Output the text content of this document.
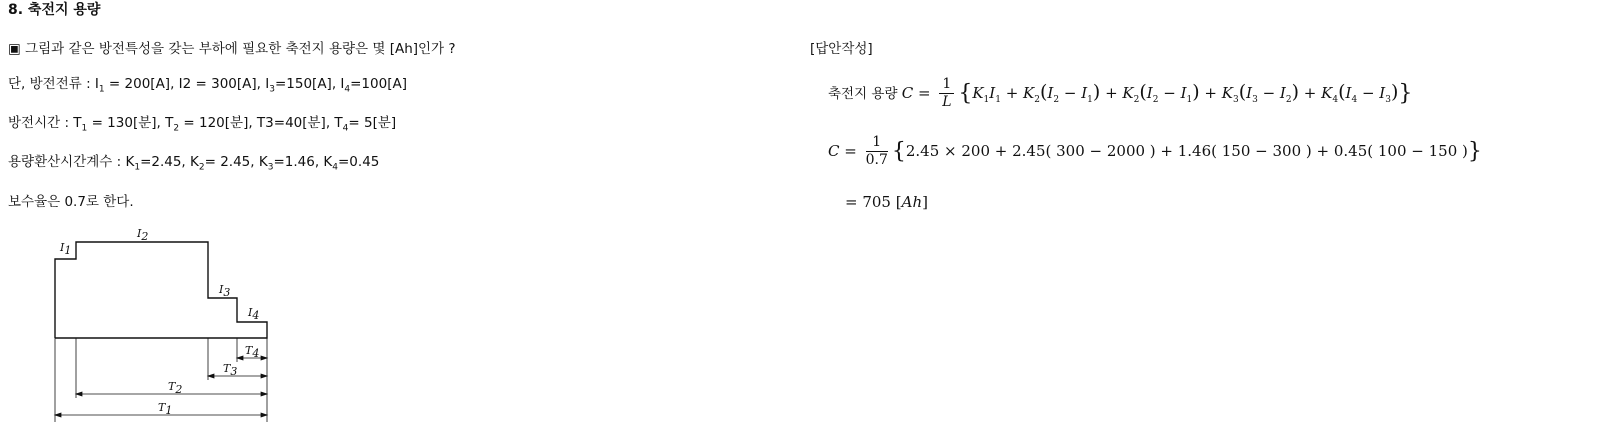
8. 축전지 용량
▣ 그림과 같은 방전특성을 갖는 부하에 필요한 축전지 용량은 몇 [Ah]인가 ?
단, 방전전류 : $I_1 = 200[A]$, I2 = 300[A], $I_3=150[A]$, $I_4=100[A]$
방전시간 : $T_1 = 130$[분], $T_2 = 120$[분], T3=40[분], $T_4= 5$[분]
용량환산시간계수 : $K_1=2.45$, $K_2= 2.45$, $K_3=1.46$, $K_4=0.45$
보수율은 0.7로 한다.
I1
I2
I3
I4
T4
T3
T2
T1
[답안작성]
축전지 용량 $C = \frac{1}{L} \{K_1I_1 + K_2(I_2 - I_1) + K_2(I_2 - I_1) + K_3(I_3 - I_2) + K_4(I_4 - I_3)\}$
$C = \frac{1}{0.7} \{2.45 \times 200 + 2.45$( 300 − 2000 ) + 1.46( 150 − 300 ) + 0.45( 100 − 150 )}
= 705 [Ah]
